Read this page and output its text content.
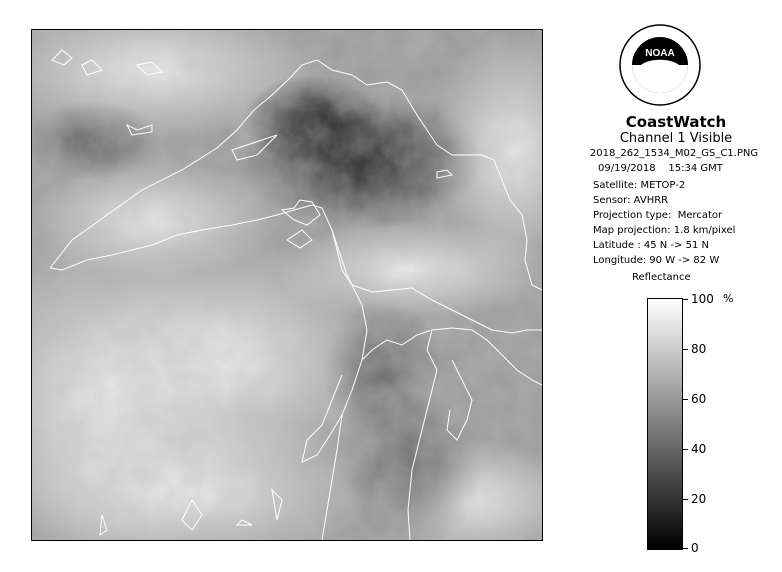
NOAA
CoastWatch
Channel 1 Visible
2018_262_1534_M02_GS_C1.PNG
09/19/2018 15:34 GMT
Satellite: METOP-2
Sensor: AVHRR
Projection type:  Mercator
Map projection: 1.8 km/pixel
Latitude : 45 N -> 51 N
Longitude: 90 W -> 82 W
Reflectance
%
100
80
60
40
20
0
